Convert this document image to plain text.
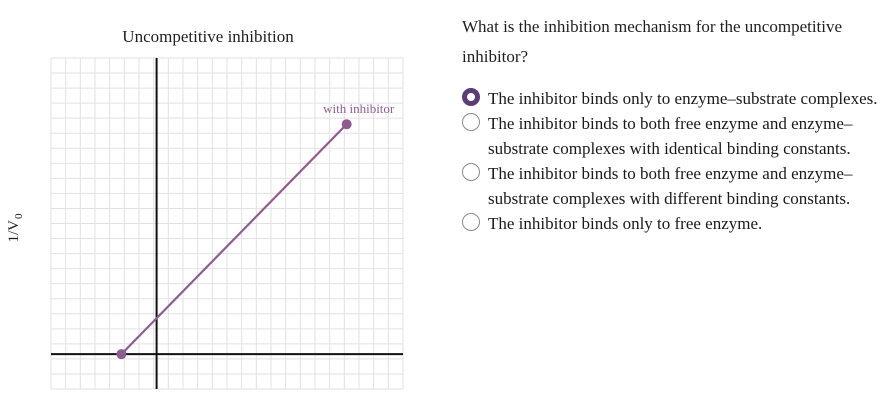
Uncompetitive inhibition
$1/V_0$
with inhibitor
What is the inhibition mechanism for the uncompetitive inhibitor?
The inhibitor binds only to enzyme–substrate complexes.
The inhibitor binds to both free enzyme and enzyme–substrate complexes with identical binding constants.
The inhibitor binds to both free enzyme and enzyme–substrate complexes with different binding constants.
The inhibitor binds only to free enzyme.
